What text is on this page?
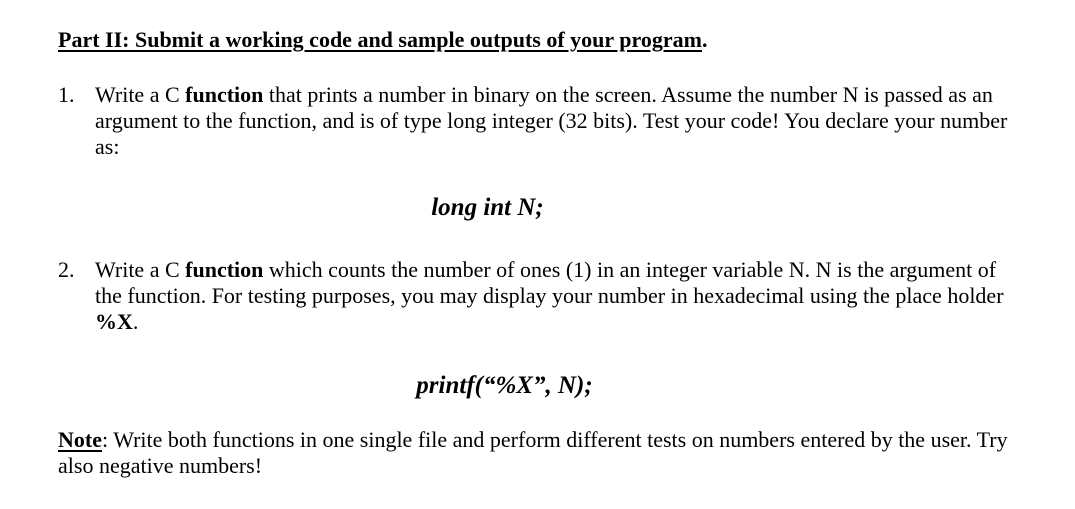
Part II: Submit a working code and sample outputs of your program.
1. Write a C function that prints a number in binary on the screen. Assume the number N is passed as an argument to the function, and is of type long integer (32 bits). Test your code! You declare your number as:
long int N;
2. Write a C function which counts the number of ones (1) in an integer variable N. N is the argument of the function. For testing purposes, you may display your number in hexadecimal using the place holder %X.
printf(“%X”, N);
Note: Write both functions in one single file and perform different tests on numbers entered by the user. Try also negative numbers!
